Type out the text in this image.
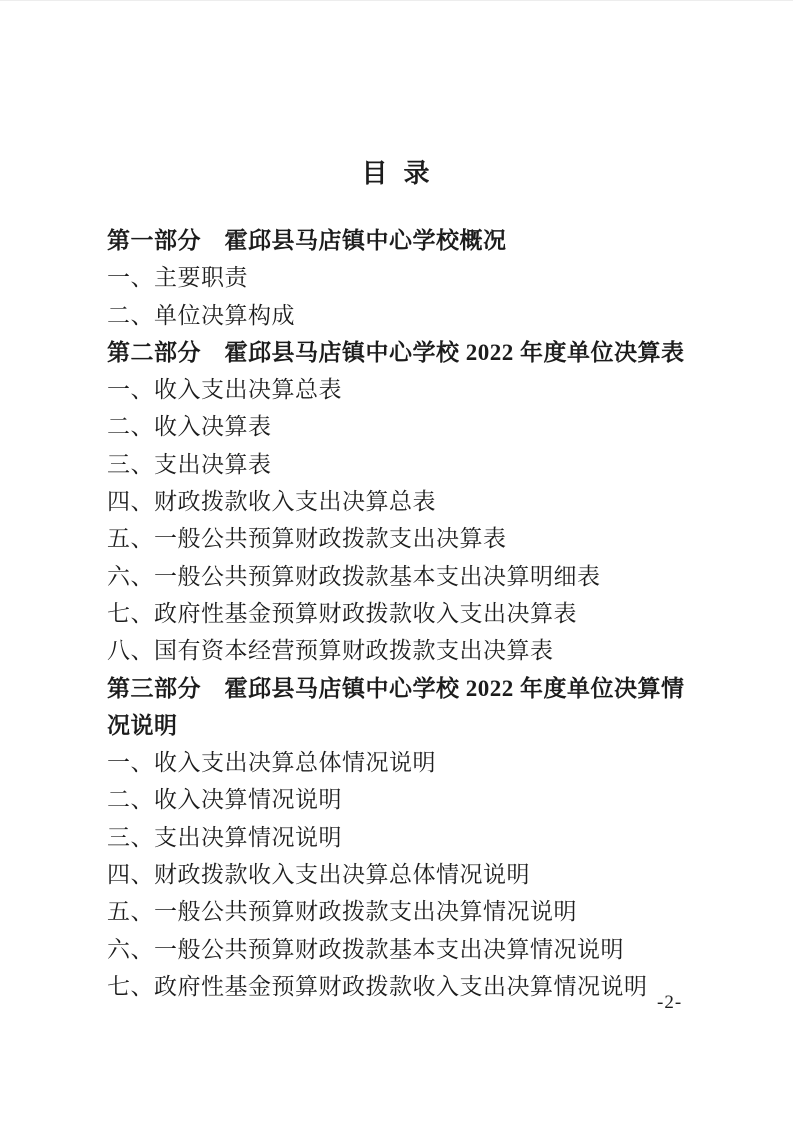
目  录
第一部分　霍邱县马店镇中心学校概况
一、主要职责
二、单位决算构成
第二部分　霍邱县马店镇中心学校 2022 年度单位决算表
一、收入支出决算总表
二、收入决算表
三、支出决算表
四、财政拨款收入支出决算总表
五、一般公共预算财政拨款支出决算表
六、一般公共预算财政拨款基本支出决算明细表
七、政府性基金预算财政拨款收入支出决算表
八、国有资本经营预算财政拨款支出决算表
第三部分　霍邱县马店镇中心学校 2022 年度单位决算情况说明
一、收入支出决算总体情况说明
二、收入决算情况说明
三、支出决算情况说明
四、财政拨款收入支出决算总体情况说明
五、一般公共预算财政拨款支出决算情况说明
六、一般公共预算财政拨款基本支出决算情况说明
七、政府性基金预算财政拨款收入支出决算情况说明
-2-
